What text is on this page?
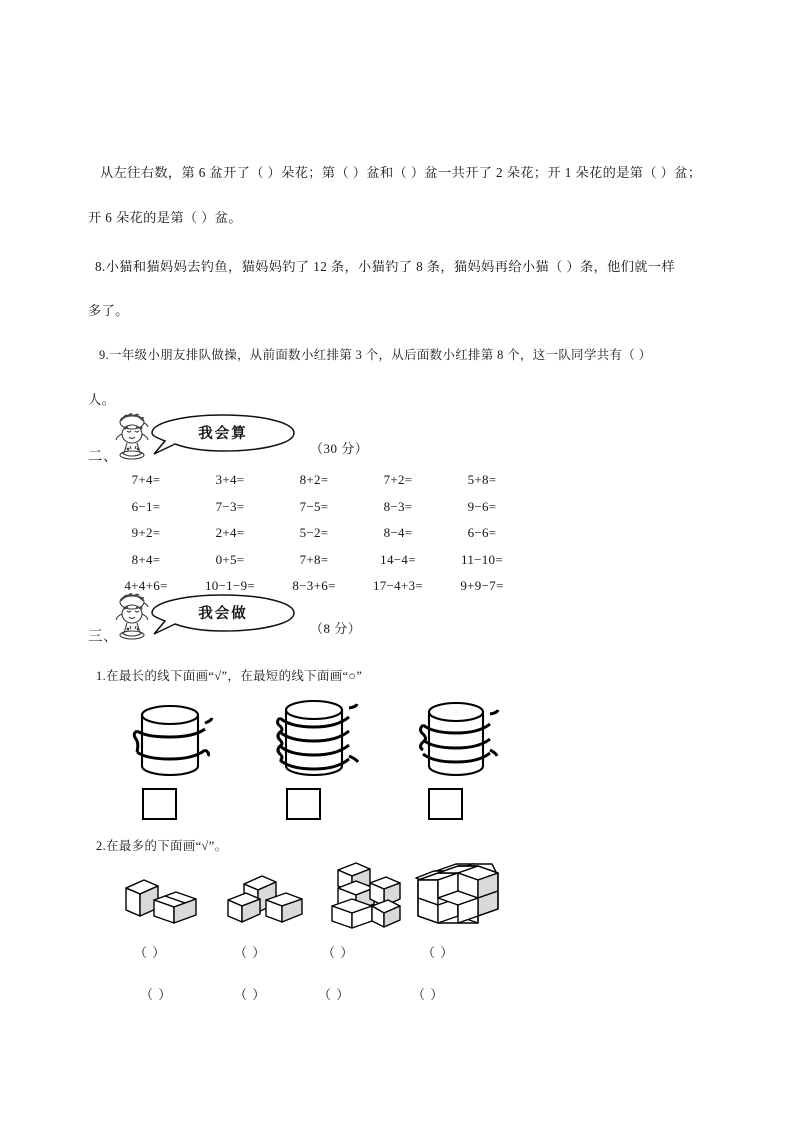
从左往右数，第 6 盆开了（ ）朵花；第（ ）盆和（ ）盆一共开了 2 朵花；开 1 朵花的是第（ ）盆；
开 6 朵花的是第（ ）盆。
8.小猫和猫妈妈去钓鱼，猫妈妈钓了 12 条，小猫钓了 8 条，猫妈妈再给小猫（ ）条，他们就一样
多了。
9.一年级小朋友排队做操，从前面数小红排第 3 个，从后面数小红排第 8 个，这一队同学共有（ ）
人。
二、
我会算
（30 分）
7+4=	3+4=	8+2=	7+2=	5+8=
6−1=	7−3=	7−5=	8−3=	9−6=
9+2=	2+4=	5−2=	8−4=	6−6=
8+4=	0+5=	7+8=	14−4=	11−10=
4+4+6=	10−1−9=	8−3+6=	17−4+3=	9+9−7=
三、
我会做
（8 分）
1.在最长的线下面画“√”，在最短的线下面画“○”
2.在最多的下面画“√”。
（ ）	（ ）	（ ）	（ ）
（ ）	（ ）	（ ）	（ ）
